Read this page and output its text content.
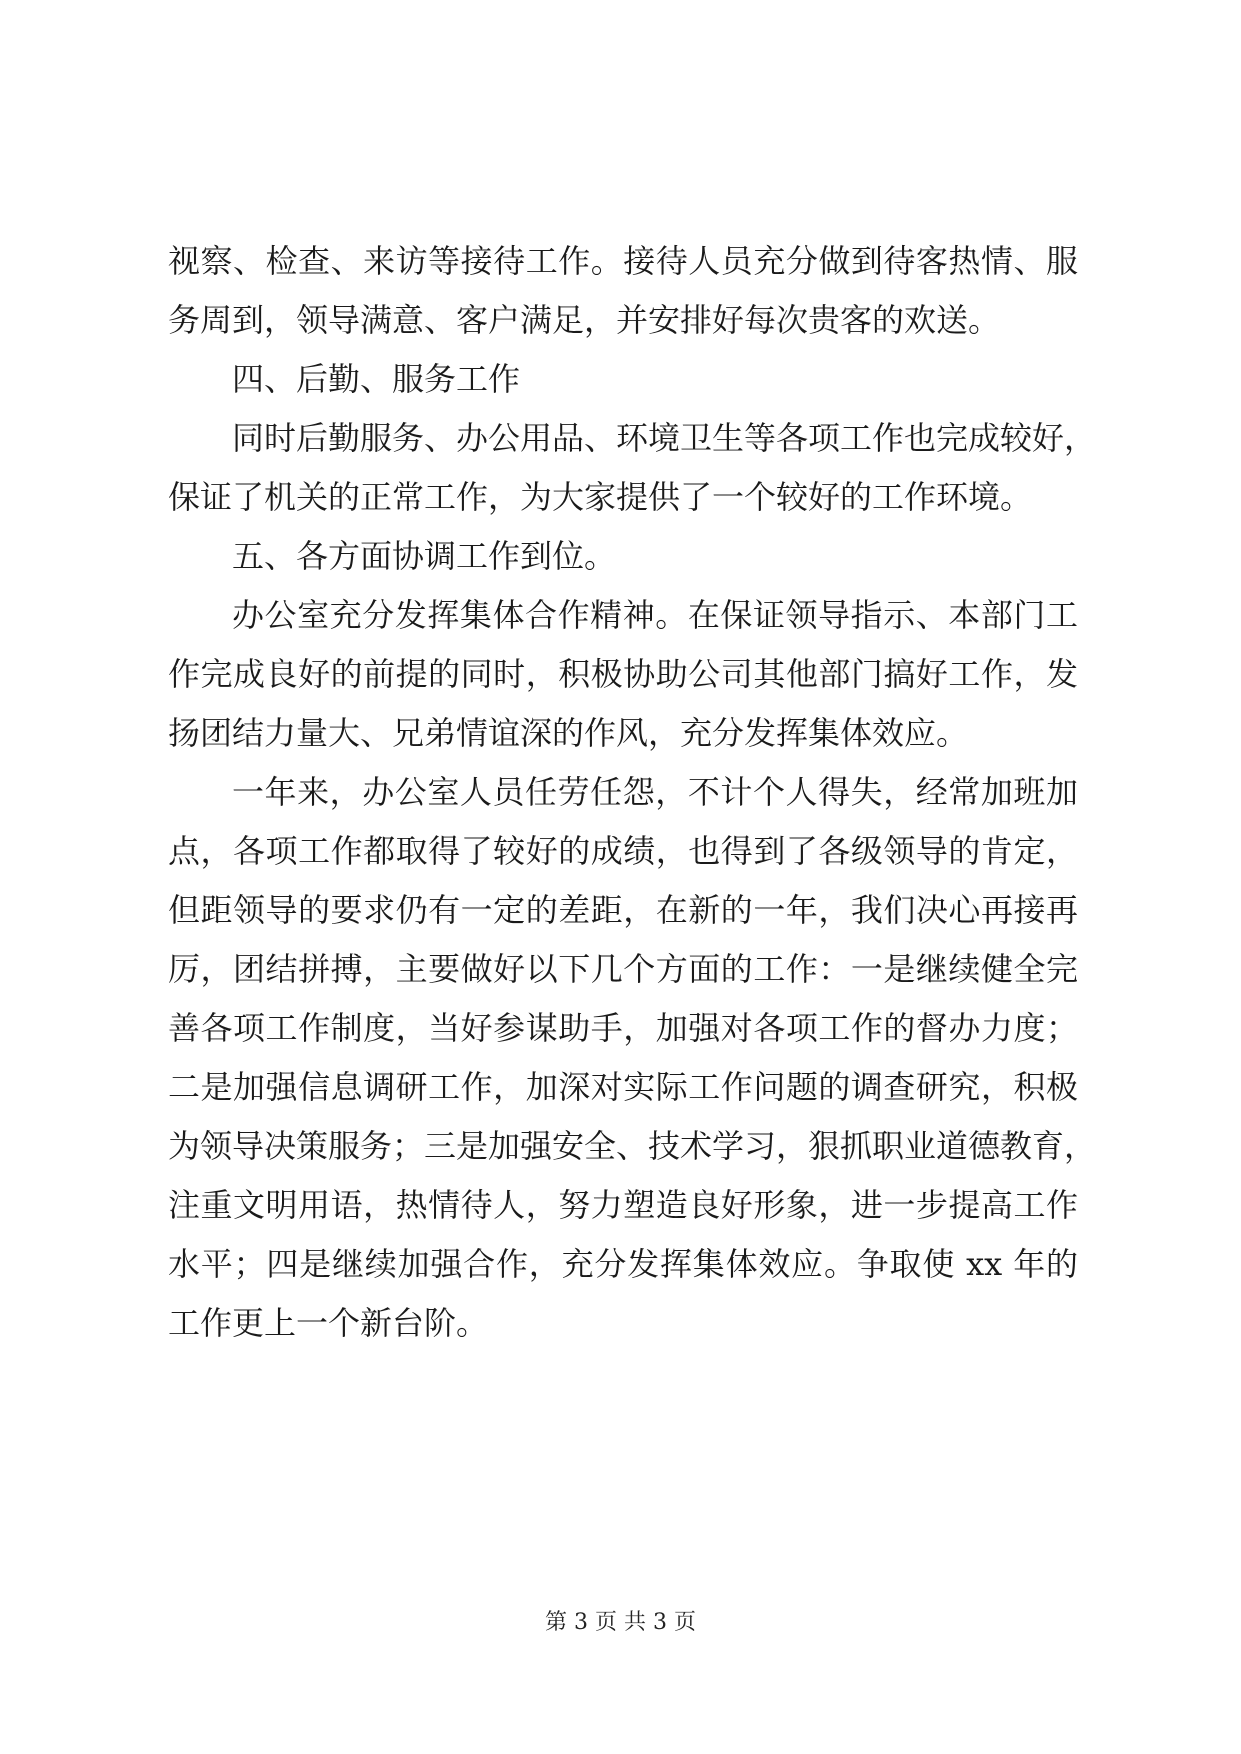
视察、检查、来访等接待工作。接待人员充分做到待客热情、服
务周到，领导满意、客户满足，并安排好每次贵客的欢送。
四、后勤、服务工作
同时后勤服务、办公用品、环境卫生等各项工作也完成较好，
保证了机关的正常工作，为大家提供了一个较好的工作环境。
五、各方面协调工作到位。
办公室充分发挥集体合作精神。在保证领导指示、本部门工
作完成良好的前提的同时，积极协助公司其他部门搞好工作，发
扬团结力量大、兄弟情谊深的作风，充分发挥集体效应。
一年来，办公室人员任劳任怨，不计个人得失，经常加班加
点，各项工作都取得了较好的成绩，也得到了各级领导的肯定，
但距领导的要求仍有一定的差距，在新的一年，我们决心再接再
厉，团结拼搏，主要做好以下几个方面的工作：一是继续健全完
善各项工作制度，当好参谋助手，加强对各项工作的督办力度；
二是加强信息调研工作，加深对实际工作问题的调查研究，积极
为领导决策服务；三是加强安全、技术学习，狠抓职业道德教育，
注重文明用语，热情待人，努力塑造良好形象，进一步提高工作
水平；四是继续加强合作，充分发挥集体效应。争取使 xx 年的
工作更上一个新台阶。
第 3 页 共 3 页
